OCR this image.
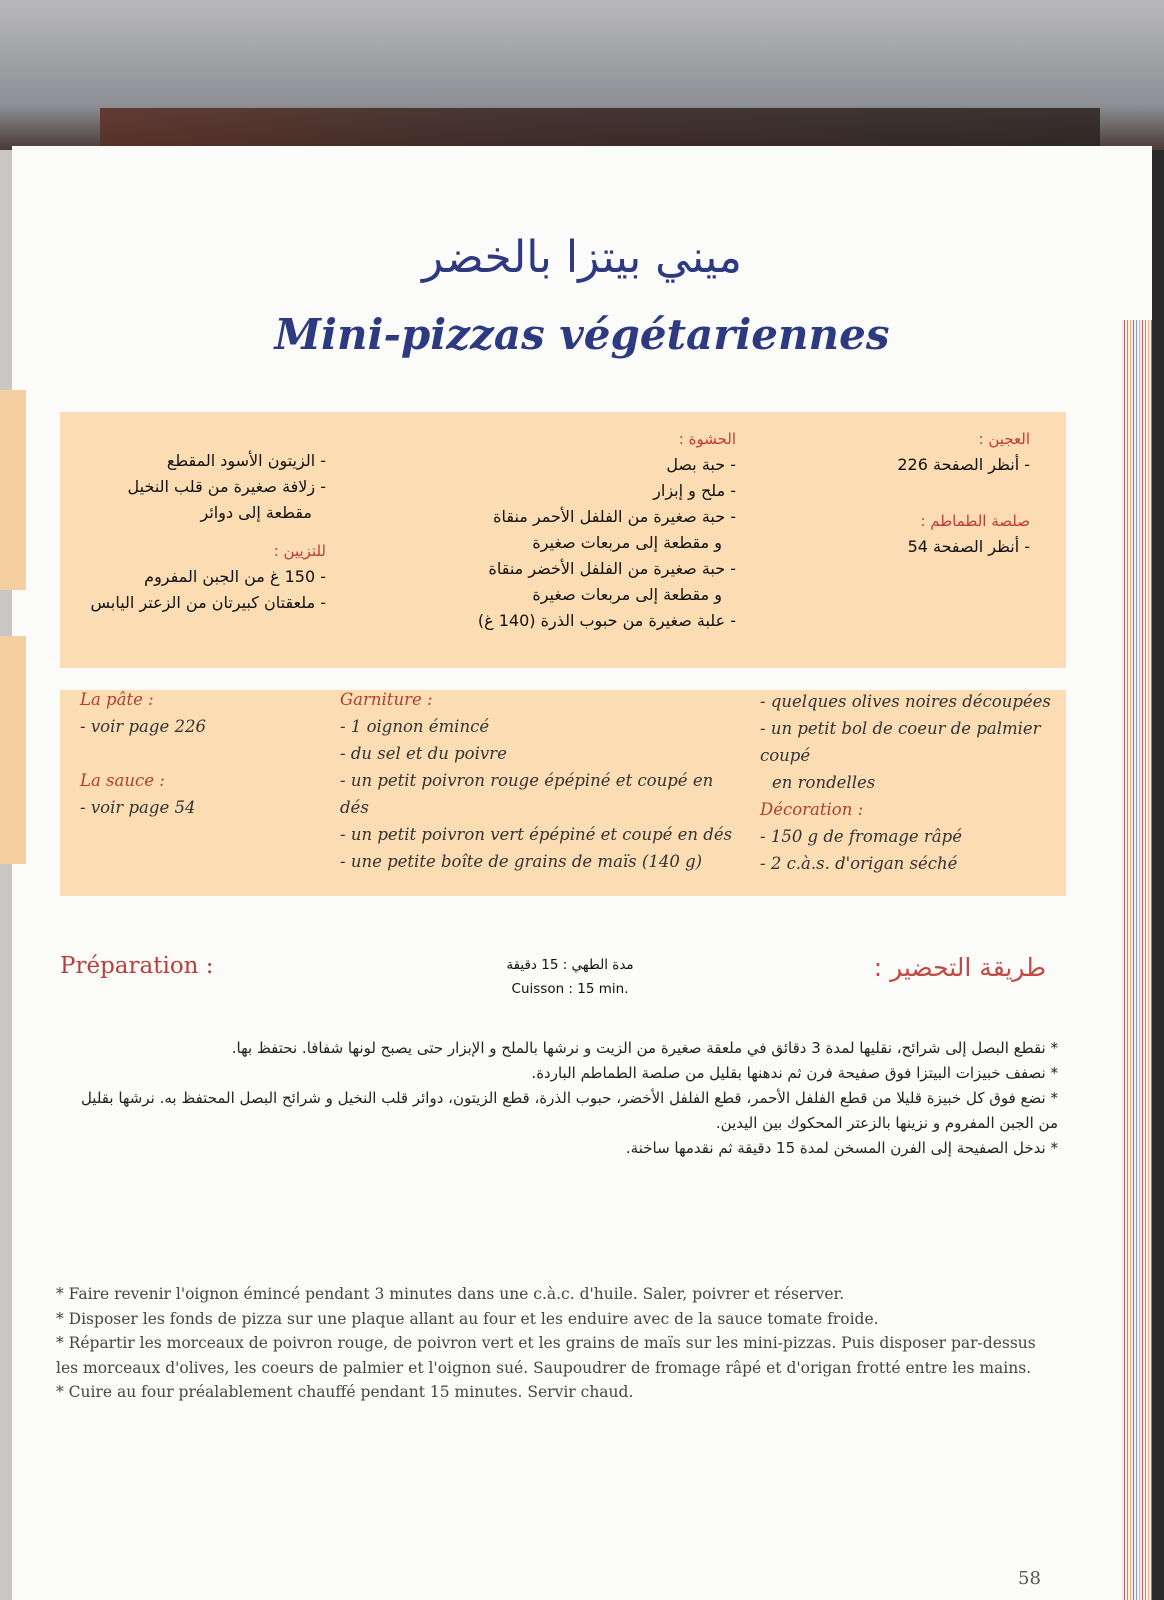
ميني بيتزا بالخضر
Mini-pizzas végétariennes
العجين :
- أنظر الصفحة 226
صلصة الطماطم :
- أنظر الصفحة 54
الحشوة :
- حبة بصل
- ملح و إبزار
- حبة صغيرة من الفلفل الأحمر منقاة
و مقطعة إلى مربعات صغيرة
- حبة صغيرة من الفلفل الأخضر منقاة
و مقطعة إلى مربعات صغيرة
- علبة صغيرة من حبوب الذرة (140 غ)
- الزيتون الأسود المقطع
- زلافة صغيرة من قلب النخيل
مقطعة إلى دوائر
للتزيين :
- 150 غ من الجبن المفروم
- ملعقتان كبيرتان من الزعتر اليابس
La pâte :
- voir page 226
La sauce :
- voir page 54
Garniture :
- 1 oignon émincé
- du sel et du poivre
- un petit poivron rouge épépiné et coupé en dés
- un petit poivron vert épépiné et coupé en dés
- une petite boîte de grains de maïs (140 g)
- quelques olives noires découpées
- un petit bol de coeur de palmier coupé
en rondelles
Décoration :
- 150 g de fromage râpé
- 2 c.à.s. d'origan séché
Préparation :	مدة الطهي : 15 دقيقة
Cuisson : 15 min.
طريقة التحضير :
* نقطع البصل إلى شرائح، نقليها لمدة 3 دقائق في ملعقة صغيرة من الزيت و نرشها بالملح و الإبزار حتى يصبح لونها شفافا. نحتفظ بها.
* نصفف خبيزات البيتزا فوق صفيحة فرن ثم ندهنها بقليل من صلصة الطماطم الباردة.
* نضع فوق كل خبيزة قليلا من قطع الفلفل الأحمر، قطع الفلفل الأخضر، حبوب الذرة، قطع الزيتون، دوائر قلب النخيل و شرائح البصل المحتفظ به. نرشها بقليل من الجبن المفروم و نزينها بالزعتر المحكوك بين اليدين.
* ندخل الصفيحة إلى الفرن المسخن لمدة 15 دقيقة ثم نقدمها ساخنة.
* Faire revenir l'oignon émincé pendant 3 minutes dans une c.à.c. d'huile. Saler, poivrer et réserver.
* Disposer les fonds de pizza sur une plaque allant au four et les enduire avec de la sauce tomate froide.
* Répartir les morceaux de poivron rouge, de poivron vert et les grains de maïs sur les mini-pizzas. Puis disposer par-dessus les morceaux d'olives, les coeurs de palmier et l'oignon sué. Saupoudrer de fromage râpé et d'origan frotté entre les mains.
* Cuire au four préalablement chauffé pendant 15 minutes. Servir chaud.
58
